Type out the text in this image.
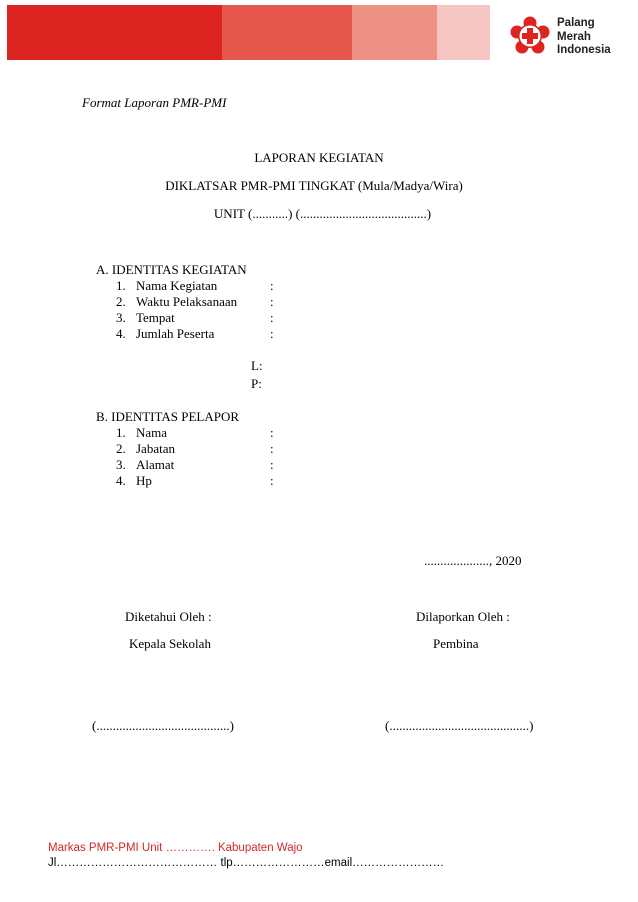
Palang
Merah
Indonesia
Format Laporan PMR-PMI
LAPORAN KEGIATAN
DIKLATSAR PMR-PMI TINGKAT (Mula/Madya/Wira)
UNIT (...........) (.......................................)
A. IDENTITAS KEGIATAN
1. Nama Kegiatan	:
2. Waktu Pelaksanaan	:
3. Tempat	:
4. Jumlah Peserta	:
L:
P:
B. IDENTITAS PELAPOR
1. Nama	:
2. Jabatan	:
3. Alamat	:
4. Hp	:
...................., 2020
Diketahui Oleh :	Dilaporkan Oleh :
Kepala Sekolah	Pembina
(.........................................)	(...........................................)
Markas PMR-PMI Unit …………. Kabupaten Wajo
Jl…………………………………… tlp……………………email……………………
